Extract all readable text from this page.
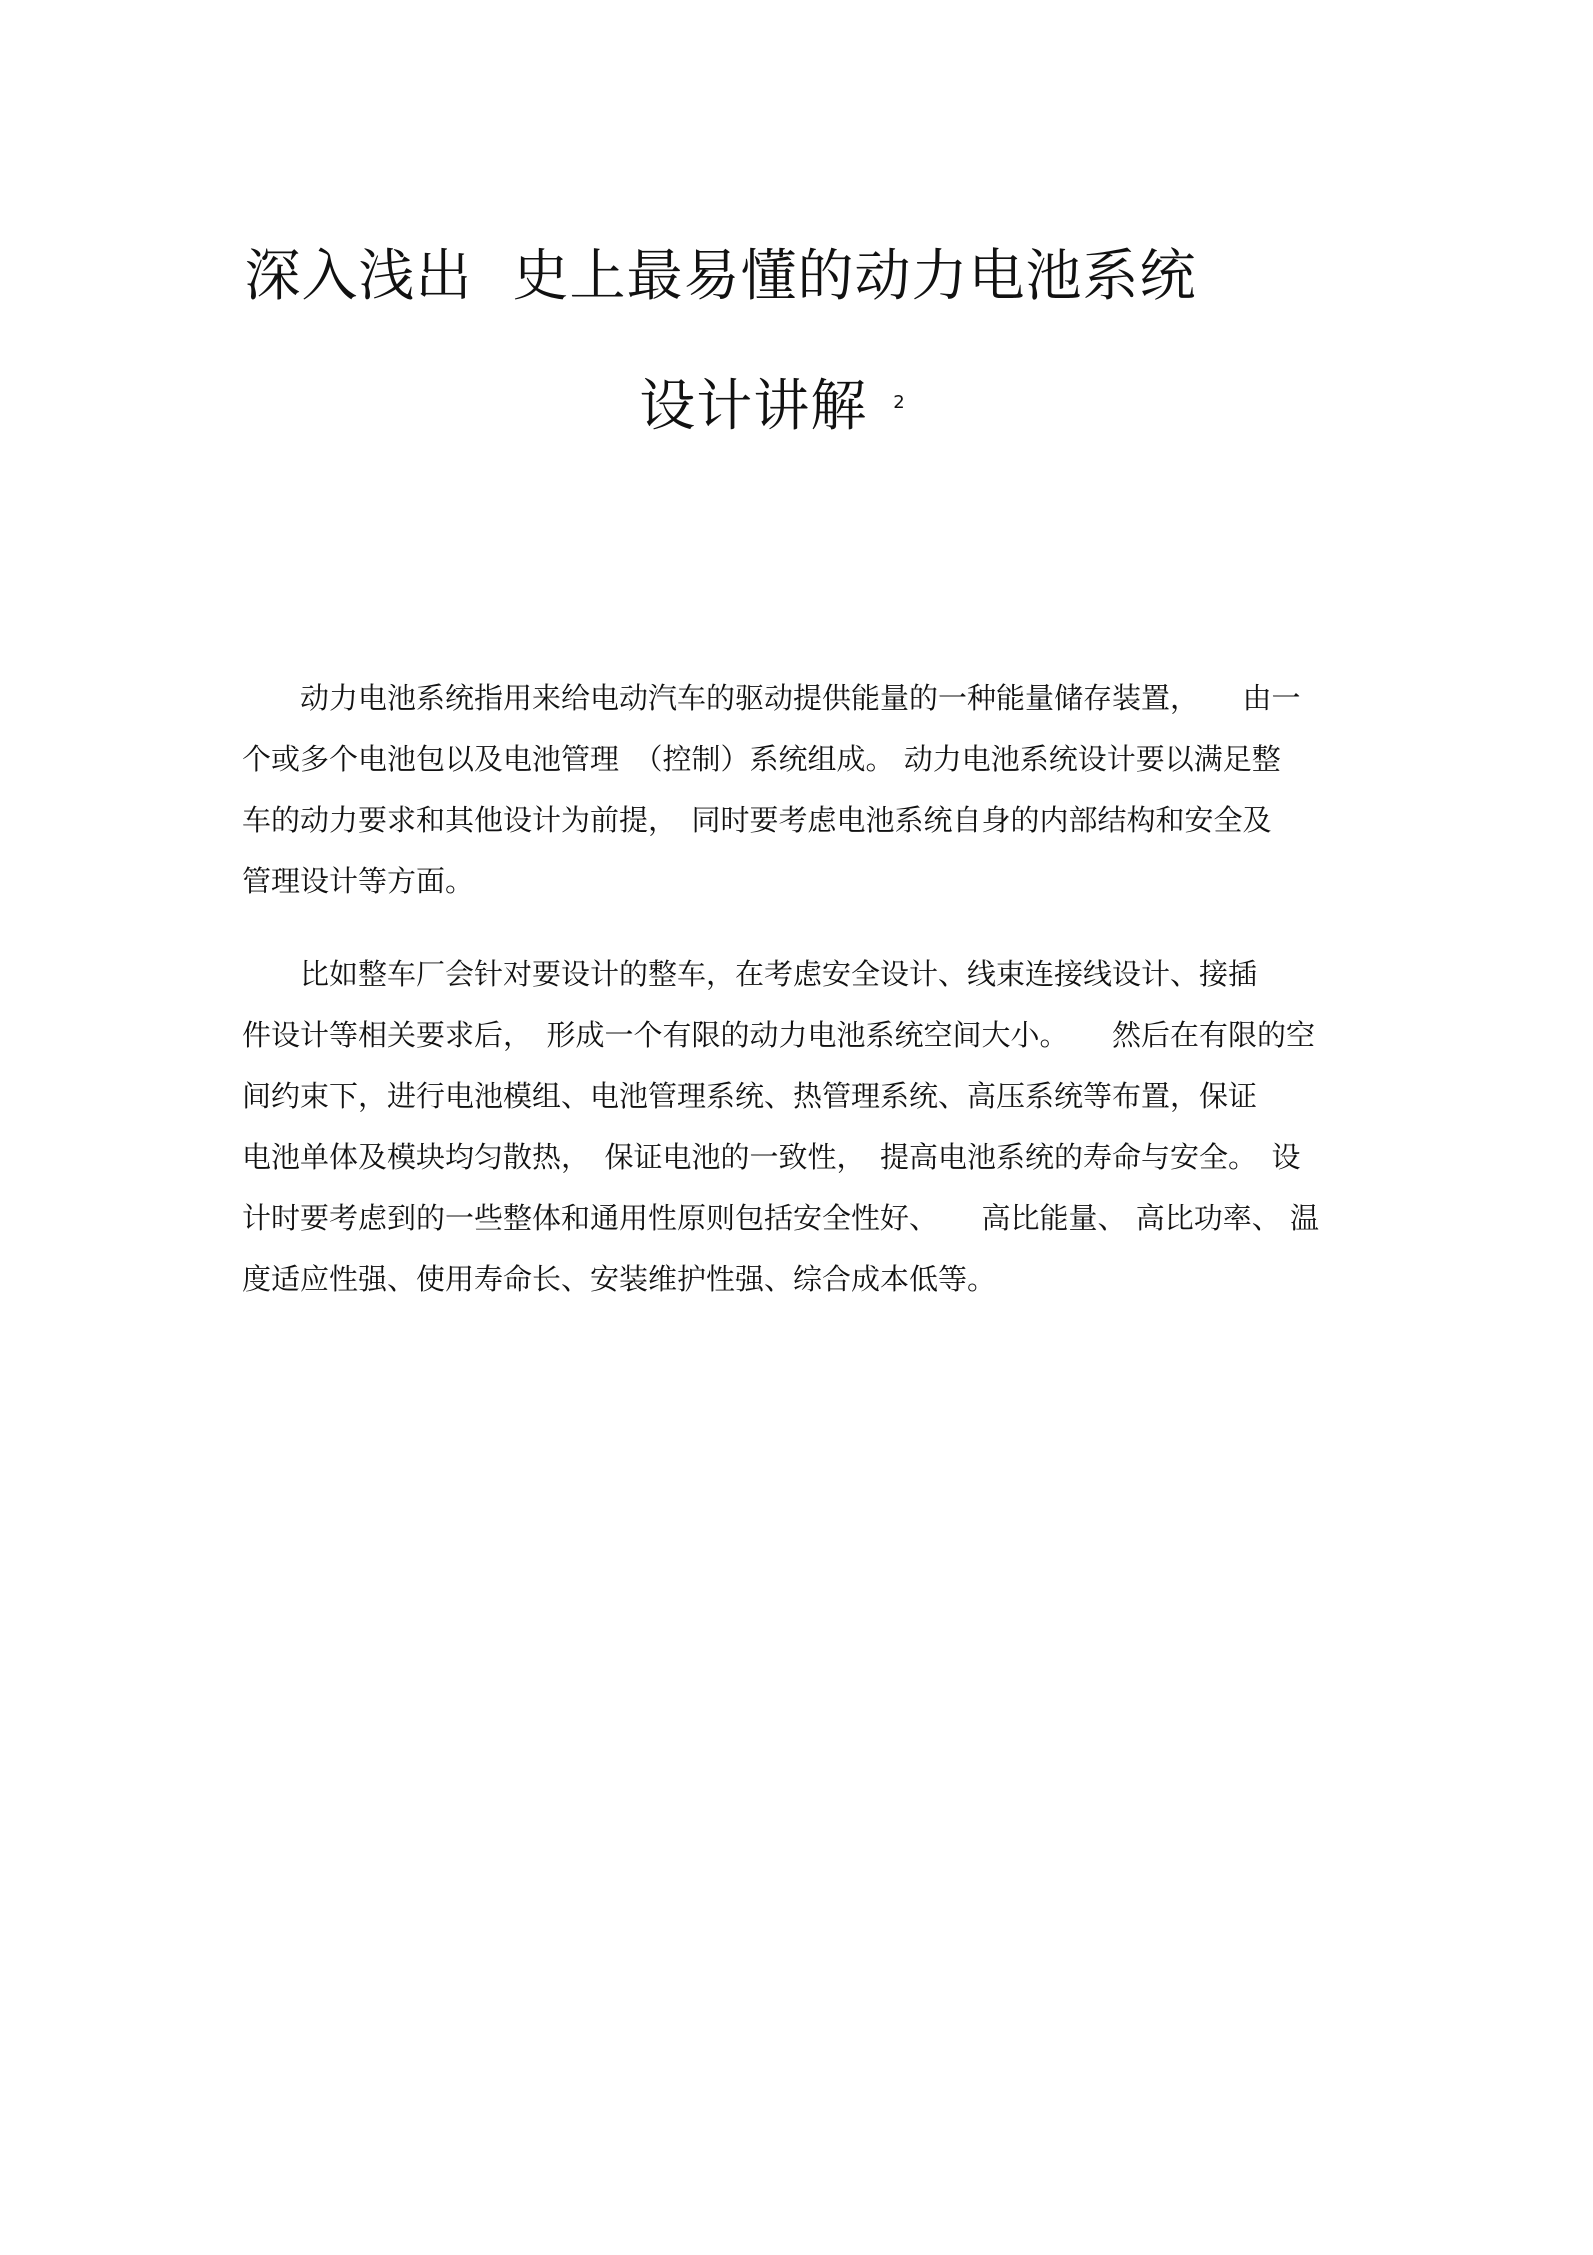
深入浅出 史上最易懂的动力电池系统
设计讲解 $^2$
动力电池系统指用来给电动汽车的驱动提供能量的一种能量储存装置，　　由一
个或多个电池包以及电池管理　（控制）系统组成。 动力电池系统设计要以满足整
车的动力要求和其他设计为前提，　同时要考虑电池系统自身的内部结构和安全及
管理设计等方面。
比如整车厂会针对要设计的整车，在考虑安全设计、线束连接线设计、接插
件设计等相关要求后，　形成一个有限的动力电池系统空间大小。　　然后在有限的空
间约束下，进行电池模组、电池管理系统、热管理系统、高压系统等布置，保证
电池单体及模块均匀散热，　保证电池的一致性，　提高电池系统的寿命与安全。　设
计时要考虑到的一些整体和通用性原则包括安全性好、　　高比能量、 高比功率、 温
度适应性强、使用寿命长、安装维护性强、综合成本低等。
